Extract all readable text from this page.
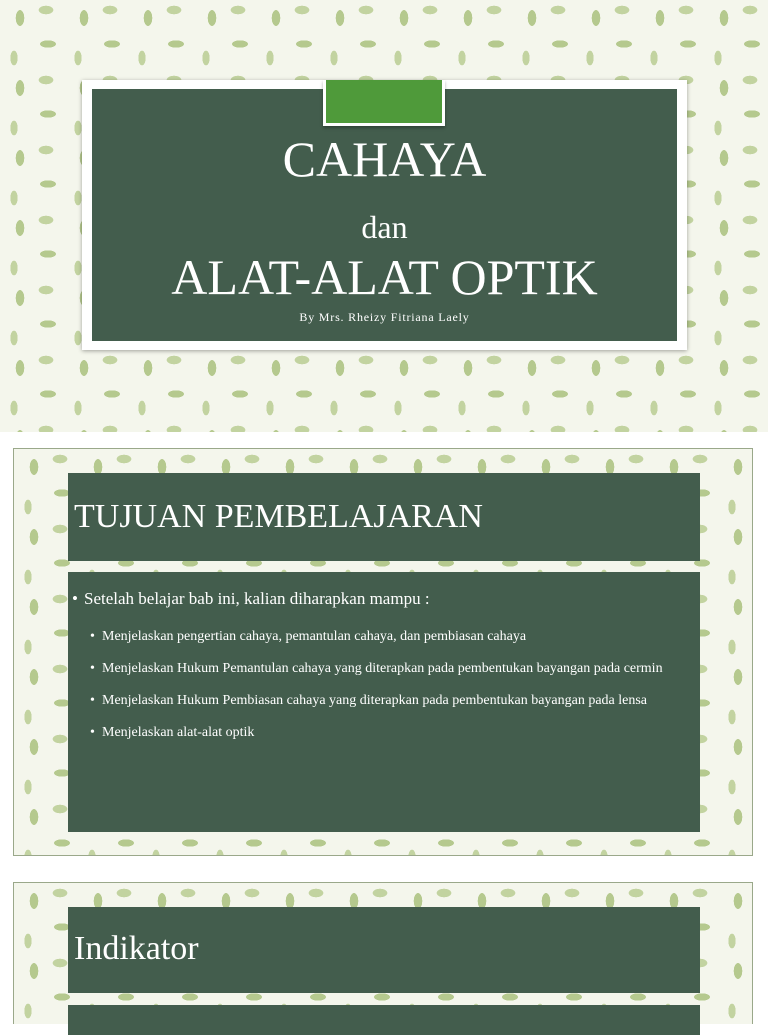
CAHAYA
dan
ALAT-ALAT OPTIK
By Mrs. Rheizy Fitriana Laely
TUJUAN PEMBELAJARAN
• Setelah belajar bab ini, kalian diharapkan mampu :
• Menjelaskan pengertian cahaya, pemantulan cahaya, dan pembiasan cahaya
• Menjelaskan Hukum Pemantulan cahaya yang diterapkan pada pembentukan bayangan pada cermin
• Menjelaskan Hukum Pembiasan cahaya yang diterapkan pada pembentukan bayangan pada lensa
• Menjelaskan alat-alat optik
Indikator
